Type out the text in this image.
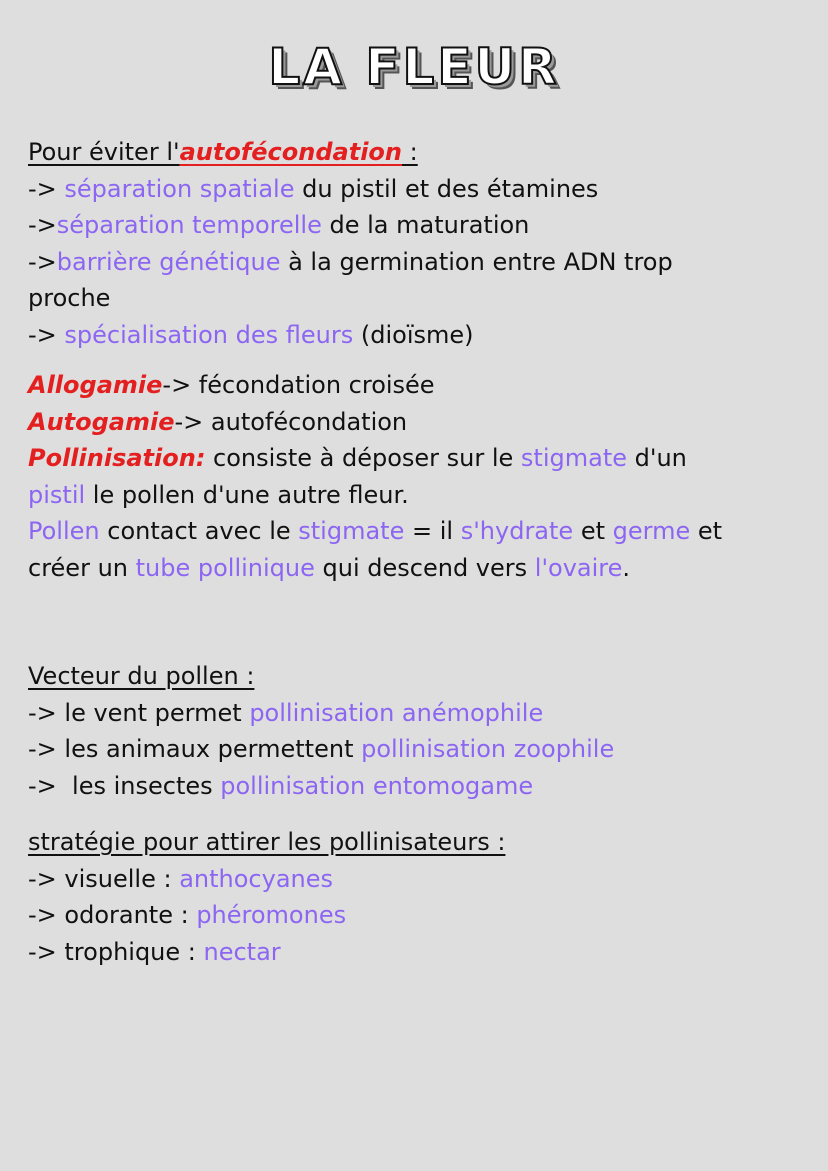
LA FLEUR
Pour éviter l'autofécondation :
-> séparation spatiale du pistil et des étamines
->séparation temporelle de la maturation
->barrière génétique à la germination entre ADN trop proche
-> spécialisation des fleurs (dioïsme)
Allogamie-> fécondation croisée
Autogamie-> autofécondation
Pollinisation: consiste à déposer sur le stigmate d'un pistil le pollen d'une autre fleur.
Pollen contact avec le stigmate = il s'hydrate et germe et créer un tube pollinique qui descend vers l'ovaire.
Vecteur du pollen :
-> le vent permet pollinisation anémophile
-> les animaux permettent pollinisation zoophile
->  les insectes pollinisation entomogame
stratégie pour attirer les pollinisateurs :
-> visuelle : anthocyanes
-> odorante : phéromones
-> trophique : nectar
